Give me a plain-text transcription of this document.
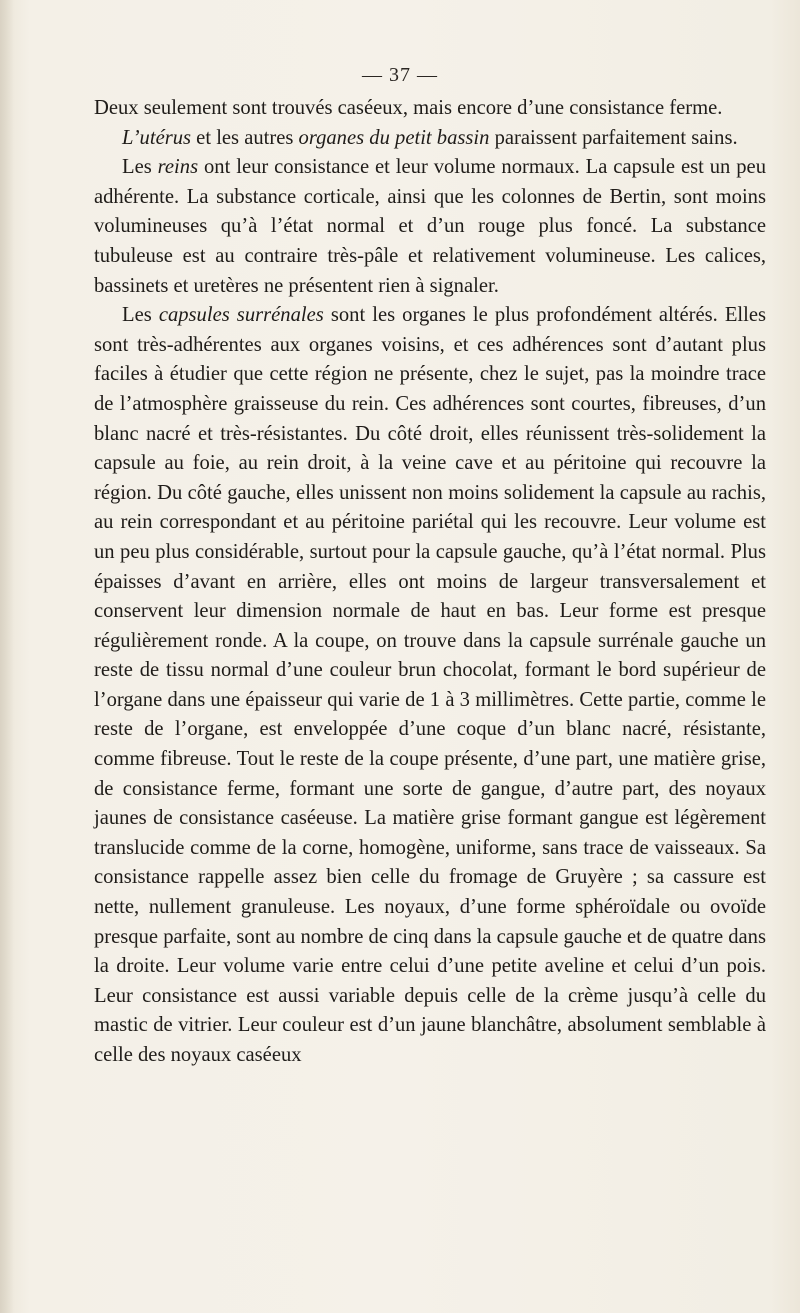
— 37 —

Deux seulement sont trouvés caséeux, mais encore d’une consistance ferme.

L’utérus et les autres organes du petit bassin paraissent parfaitement sains.

Les reins ont leur consistance et leur volume normaux. La capsule est un peu adhérente. La substance corticale, ainsi que les colonnes de Bertin, sont moins volumineuses qu’à l’état normal et d’un rouge plus foncé. La substance tubuleuse est au contraire très-pâle et relativement volumineuse. Les calices, bassinets et uretères ne présentent rien à signaler.

Les capsules surrénales sont les organes le plus profondément altérés. Elles sont très-adhérentes aux organes voisins, et ces adhérences sont d’autant plus faciles à étudier que cette région ne présente, chez le sujet, pas la moindre trace de l’atmosphère graisseuse du rein. Ces adhérences sont courtes, fibreuses, d’un blanc nacré et très-résistantes. Du côté droit, elles réunissent très-solidement la capsule au foie, au rein droit, à la veine cave et au péritoine qui recouvre la région. Du côté gauche, elles unissent non moins solidement la capsule au rachis, au rein correspondant et au péritoine pariétal qui les recouvre. Leur volume est un peu plus considérable, surtout pour la capsule gauche, qu’à l’état normal. Plus épaisses d’avant en arrière, elles ont moins de largeur transversalement et conservent leur dimension normale de haut en bas. Leur forme est presque régulièrement ronde. A la coupe, on trouve dans la capsule surrénale gauche un reste de tissu normal d’une couleur brun chocolat, formant le bord supérieur de l’organe dans une épaisseur qui varie de 1 à 3 millimètres. Cette partie, comme le reste de l’organe, est enveloppée d’une coque d’un blanc nacré, résistante, comme fibreuse. Tout le reste de la coupe présente, d’une part, une matière grise, de consistance ferme, formant une sorte de gangue, d’autre part, des noyaux jaunes de consistance caséeuse. La matière grise formant gangue est légèrement translucide comme de la corne, homogène, uniforme, sans trace de vaisseaux. Sa consistance rappelle assez bien celle du fromage de Gruyère ; sa cassure est nette, nullement granuleuse. Les noyaux, d’une forme sphéroïdale ou ovoïde presque parfaite, sont au nombre de cinq dans la capsule gauche et de quatre dans la droite. Leur volume varie entre celui d’une petite aveline et celui d’un pois. Leur consistance est aussi variable depuis celle de la crème jusqu’à celle du mastic de vitrier. Leur couleur est d’un jaune blanchâtre, absolument semblable à celle des noyaux caséeux
